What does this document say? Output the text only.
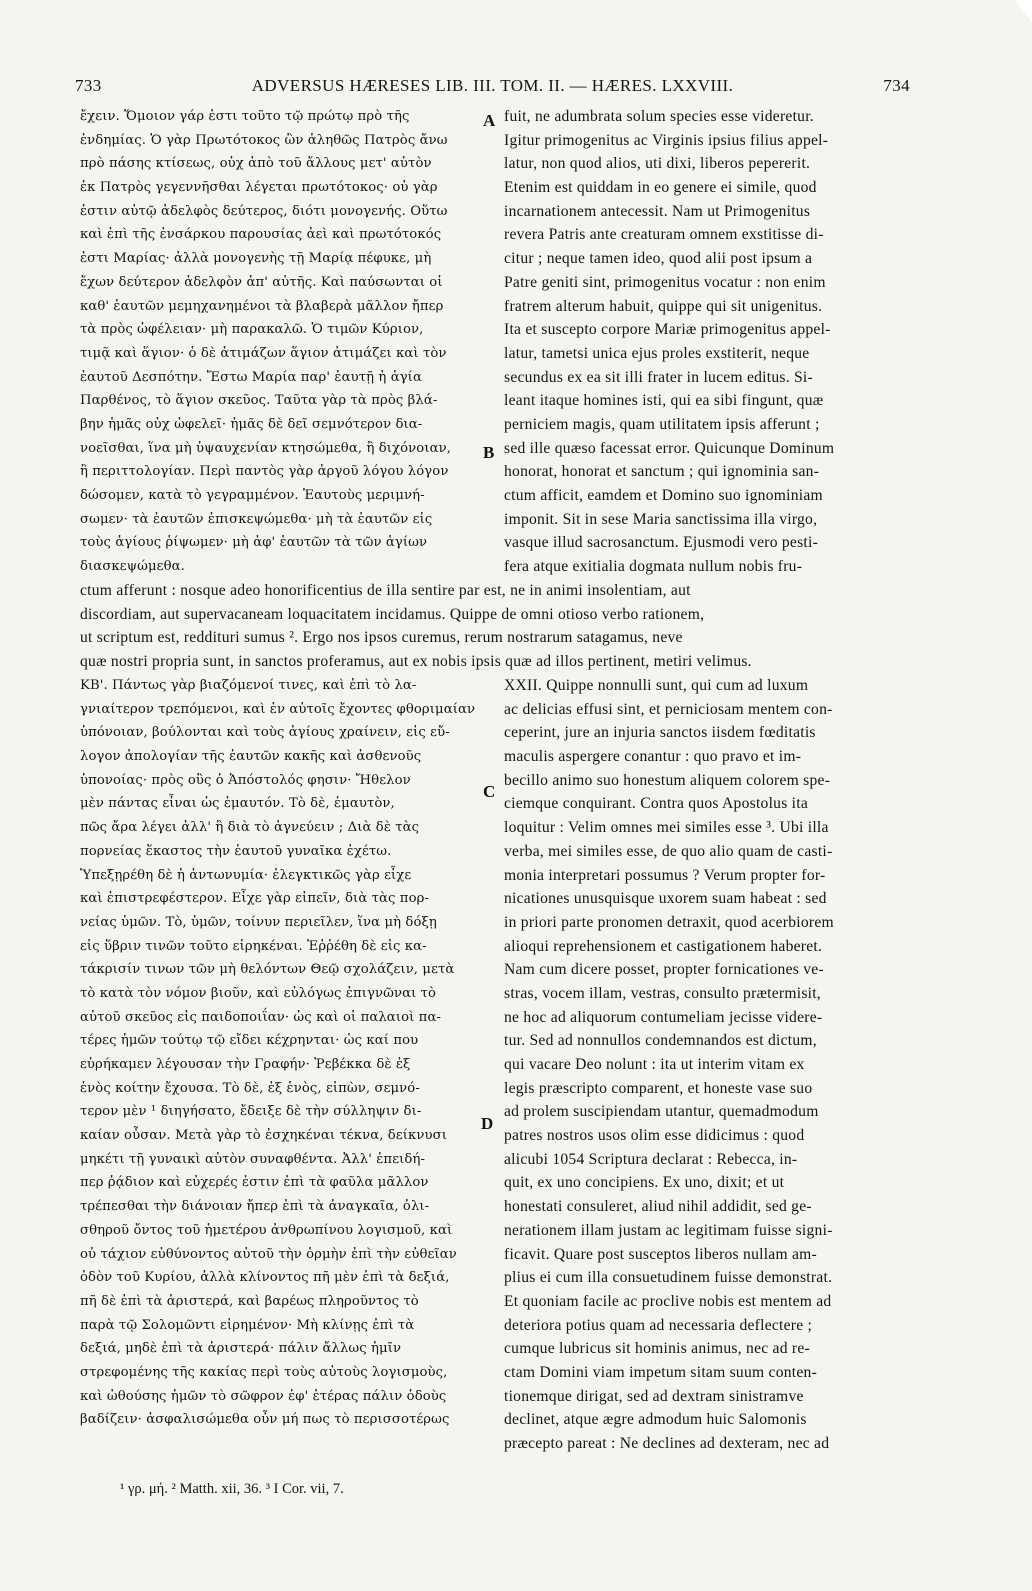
733	ADVERSUS HÆRESES LIB. III. TOM. II. — HÆRES. LXXVIII.	734
A
B
C
D
ἔχειν. Ὅμοιον γάρ ἐστι τοῦτο τῷ πρώτῳ πρὸ τῆς
ἐνδημίας. Ὁ γὰρ Πρωτότοκος ὢν ἀληθῶς Πατρὸς ἄνω
πρὸ πάσης κτίσεως, οὐχ ἀπὸ τοῦ ἄλλους μετ' αὐτὸν
ἐκ Πατρὸς γεγεννῆσθαι λέγεται πρωτότοκος· οὐ γὰρ
ἐστιν αὐτῷ ἀδελφὸς δεύτερος, διότι μονογενής. Οὕτω
καὶ ἐπὶ τῆς ἐνσάρκου παρουσίας ἀεὶ καὶ πρωτότοκός
ἐστι Μαρίας· ἀλλὰ μονογενὴς τῇ Μαρίᾳ πέφυκε, μὴ
ἔχων δεύτερον ἀδελφὸν ἀπ' αὐτῆς. Καὶ παύσωνται οἱ
καθ' ἑαυτῶν μεμηχανημένοι τὰ βλαβερὰ μᾶλλον ἤπερ
τὰ πρὸς ὠφέλειαν· μὴ παρακαλῶ. Ὁ τιμῶν Κύριον,
τιμᾷ καὶ ἅγιον· ὁ δὲ ἀτιμάζων ἅγιον ἀτιμάζει καὶ τὸν
ἑαυτοῦ Δεσπότην. Ἔστω Μαρία παρ' ἑαυτῇ ἡ ἁγία
Παρθένος, τὸ ἅγιον σκεῦος. Ταῦτα γὰρ τὰ πρὸς βλά-
βην ἡμᾶς οὐχ ὠφελεῖ· ἡμᾶς δὲ δεῖ σεμνότερον δια-
νοεῖσθαι, ἵνα μὴ ὑψαυχενίαν κτησώμεθα, ἢ διχόνοιαν,
ἢ περιττολογίαν. Περὶ παντὸς γὰρ ἀργοῦ λόγου λόγον
δώσομεν, κατὰ τὸ γεγραμμένον. Ἑαυτοὺς μεριμνή-
σωμεν· τὰ ἑαυτῶν ἐπισκεψώμεθα· μὴ τὰ ἑαυτῶν εἰς
τοὺς ἁγίους ῥίψωμεν· μὴ ἀφ' ἑαυτῶν τὰ τῶν ἁγίων
διασκεψώμεθα.
fuit, ne adumbrata solum species esse videretur.
Igitur primogenitus ac Virginis ipsius filius appel-
latur, non quod alios, uti dixi, liberos pepererit.
Etenim est quiddam in eo genere ei simile, quod
incarnationem antecessit. Nam ut Primogenitus
revera Patris ante creaturam omnem exstitisse di-
citur ; neque tamen ideo, quod alii post ipsum a
Patre geniti sint, primogenitus vocatur : non enim
fratrem alterum habuit, quippe qui sit unigenitus.
Ita et suscepto corpore Mariæ primogenitus appel-
latur, tametsi unica ejus proles exstiterit, neque
secundus ex ea sit illi frater in lucem editus. Si-
leant itaque homines isti, qui ea sibi fingunt, quæ
perniciem magis, quam utilitatem ipsis afferunt ;
sed ille quæso facessat error. Quicunque Dominum
honorat, honorat et sanctum ; qui ignominia san-
ctum afficit, eamdem et Domino suo ignominiam
imponit. Sit in sese Maria sanctissima illa virgo,
vasque illud sacrosanctum. Ejusmodi vero pesti-
fera atque exitialia dogmata nullum nobis fru-
ctum afferunt : nosque adeo honorificentius de illa sentire par est, ne in animi insolentiam, aut
discordiam, aut supervacaneam loquacitatem incidamus. Quippe de omni otioso verbo rationem,
ut scriptum est, reddituri sumus ². Ergo nos ipsos curemus, rerum nostrarum satagamus, neve
quæ nostri propria sunt, in sanctos proferamus, aut ex nobis ipsis quæ ad illos pertinent, metiri velimus.
ΚΒ'. Πάντως γὰρ βιαζόμενοί τινες, καὶ ἐπὶ τὸ λα-
γνιαίτερον τρεπόμενοι, καὶ ἐν αὐτοῖς ἔχοντες φθοριμαίαν
ὑπόνοιαν, βούλονται καὶ τοὺς ἁγίους χραίνειν, εἰς εὔ-
λογον ἀπολογίαν τῆς ἑαυτῶν κακῆς καὶ ἀσθενοῦς
ὑπονοίας· πρὸς οὓς ὁ Ἀπόστολός φησιν· Ἤθελον
μὲν πάντας εἶναι ὡς ἐμαυτόν. Τὸ δὲ, ἐμαυτὸν,
πῶς ἄρα λέγει ἀλλ' ἢ διὰ τὸ ἁγνεύειν ; Διὰ δὲ τὰς
πορνείας ἕκαστος τὴν ἑαυτοῦ γυναῖκα ἐχέτω.
Ὑπεξῃρέθη δὲ ἡ ἀντωνυμία· ἐλεγκτικῶς γὰρ εἶχε
καὶ ἐπιστρεφέστερον. Εἶχε γὰρ εἰπεῖν, διὰ τὰς πορ-
νείας ὑμῶν. Τὸ, ὑμῶν, τοίνυν περιεῖλεν, ἵνα μὴ δόξῃ
εἰς ὕβριν τινῶν τοῦτο εἰρηκέναι. Ἐῤῥέθη δὲ εἰς κα-
τάκρισίν τινων τῶν μὴ θελόντων Θεῷ σχολάζειν, μετὰ
τὸ κατὰ τὸν νόμον βιοῦν, καὶ εὐλόγως ἐπιγνῶναι τὸ
αὐτοῦ σκεῦος εἰς παιδοποιΐαν· ὡς καὶ οἱ παλαιοὶ πα-
τέρες ἡμῶν τούτῳ τῷ εἴδει κέχρηνται· ὡς καί που
εὑρήκαμεν λέγουσαν τὴν Γραφήν· Ῥεβέκκα δὲ ἐξ
ἑνὸς κοίτην ἔχουσα. Τὸ δὲ, ἐξ ἑνὸς, εἰπὼν, σεμνό-
τερον μὲν ¹ διηγήσατο, ἔδειξε δὲ τὴν σύλληψιν δι-
καίαν οὖσαν. Μετὰ γὰρ τὸ ἐσχηκέναι τέκνα, δείκνυσι
μηκέτι τῇ γυναικὶ αὐτὸν συναφθέντα. Ἀλλ' ἐπειδή-
περ ῥᾴδιον καὶ εὐχερές ἐστιν ἐπὶ τὰ φαῦλα μᾶλλον
τρέπεσθαι τὴν διάνοιαν ἤπερ ἐπὶ τὰ ἀναγκαῖα, ὀλι-
σθηροῦ ὄντος τοῦ ἡμετέρου ἀνθρωπίνου λογισμοῦ, καὶ
οὐ τάχιον εὐθύνοντος αὐτοῦ τὴν ὁρμὴν ἐπὶ τὴν εὐθεῖαν
ὁδὸν τοῦ Κυρίου, ἀλλὰ κλίνοντος πῆ μὲν ἐπὶ τὰ δεξιά,
πῆ δὲ ἐπὶ τὰ ἀριστερά, καὶ βαρέως πληροῦντος τὸ
παρὰ τῷ Σολομῶντι εἰρημένον· Μὴ κλίνῃς ἐπὶ τὰ
δεξιά, μηδὲ ἐπὶ τὰ ἀριστερά· πάλιν ἄλλως ἡμῖν
στρεφομένης τῆς κακίας περὶ τοὺς αὐτοὺς λογισμοὺς,
καὶ ὠθούσης ἡμῶν τὸ σῶφρον ἐφ' ἑτέρας πάλιν ὁδοὺς
βαδίζειν· ἀσφαλισώμεθα οὖν μή πως τὸ περισσοτέρως
XXII. Quippe nonnulli sunt, qui cum ad luxum
ac delicias effusi sint, et perniciosam mentem con-
ceperint, jure an injuria sanctos iisdem fœditatis
maculis aspergere conantur : quo pravo et im-
becillo animo suo honestum aliquem colorem spe-
ciemque conquirant. Contra quos Apostolus ita
loquitur : Velim omnes mei similes esse ³. Ubi illa
verba, mei similes esse, de quo alio quam de casti-
monia interpretari possumus ? Verum propter for-
nicationes unusquisque uxorem suam habeat : sed
in priori parte pronomen detraxit, quod acerbiorem
alioqui reprehensionem et castigationem haberet.
Nam cum dicere posset, propter fornicationes ve-
stras, vocem illam, vestras, consulto prætermisit,
ne hoc ad aliquorum contumeliam jecisse videre-
tur. Sed ad nonnullos condemnandos est dictum,
qui vacare Deo nolunt : ita ut interim vitam ex
legis præscripto comparent, et honeste vase suo
ad prolem suscipiendam utantur, quemadmodum
patres nostros usos olim esse didicimus : quod
alicubi 1054 Scriptura declarat : Rebecca, in-
quit, ex uno concipiens. Ex uno, dixit; et ut
honestati consuleret, aliud nihil addidit, sed ge-
nerationem illam justam ac legitimam fuisse signi-
ficavit. Quare post susceptos liberos nullam am-
plius ei cum illa consuetudinem fuisse demonstrat.
Et quoniam facile ac proclive nobis est mentem ad
deteriora potius quam ad necessaria deflectere ;
cumque lubricus sit hominis animus, nec ad re-
ctam Domini viam impetum sitam suum conten-
tionemque dirigat, sed ad dextram sinistramve
declinet, atque ægre admodum huic Salomonis
præcepto pareat : Ne declines ad dexteram, nec ad
¹ γρ. μή. ² Matth. xii, 36. ³ I Cor. vii, 7.
